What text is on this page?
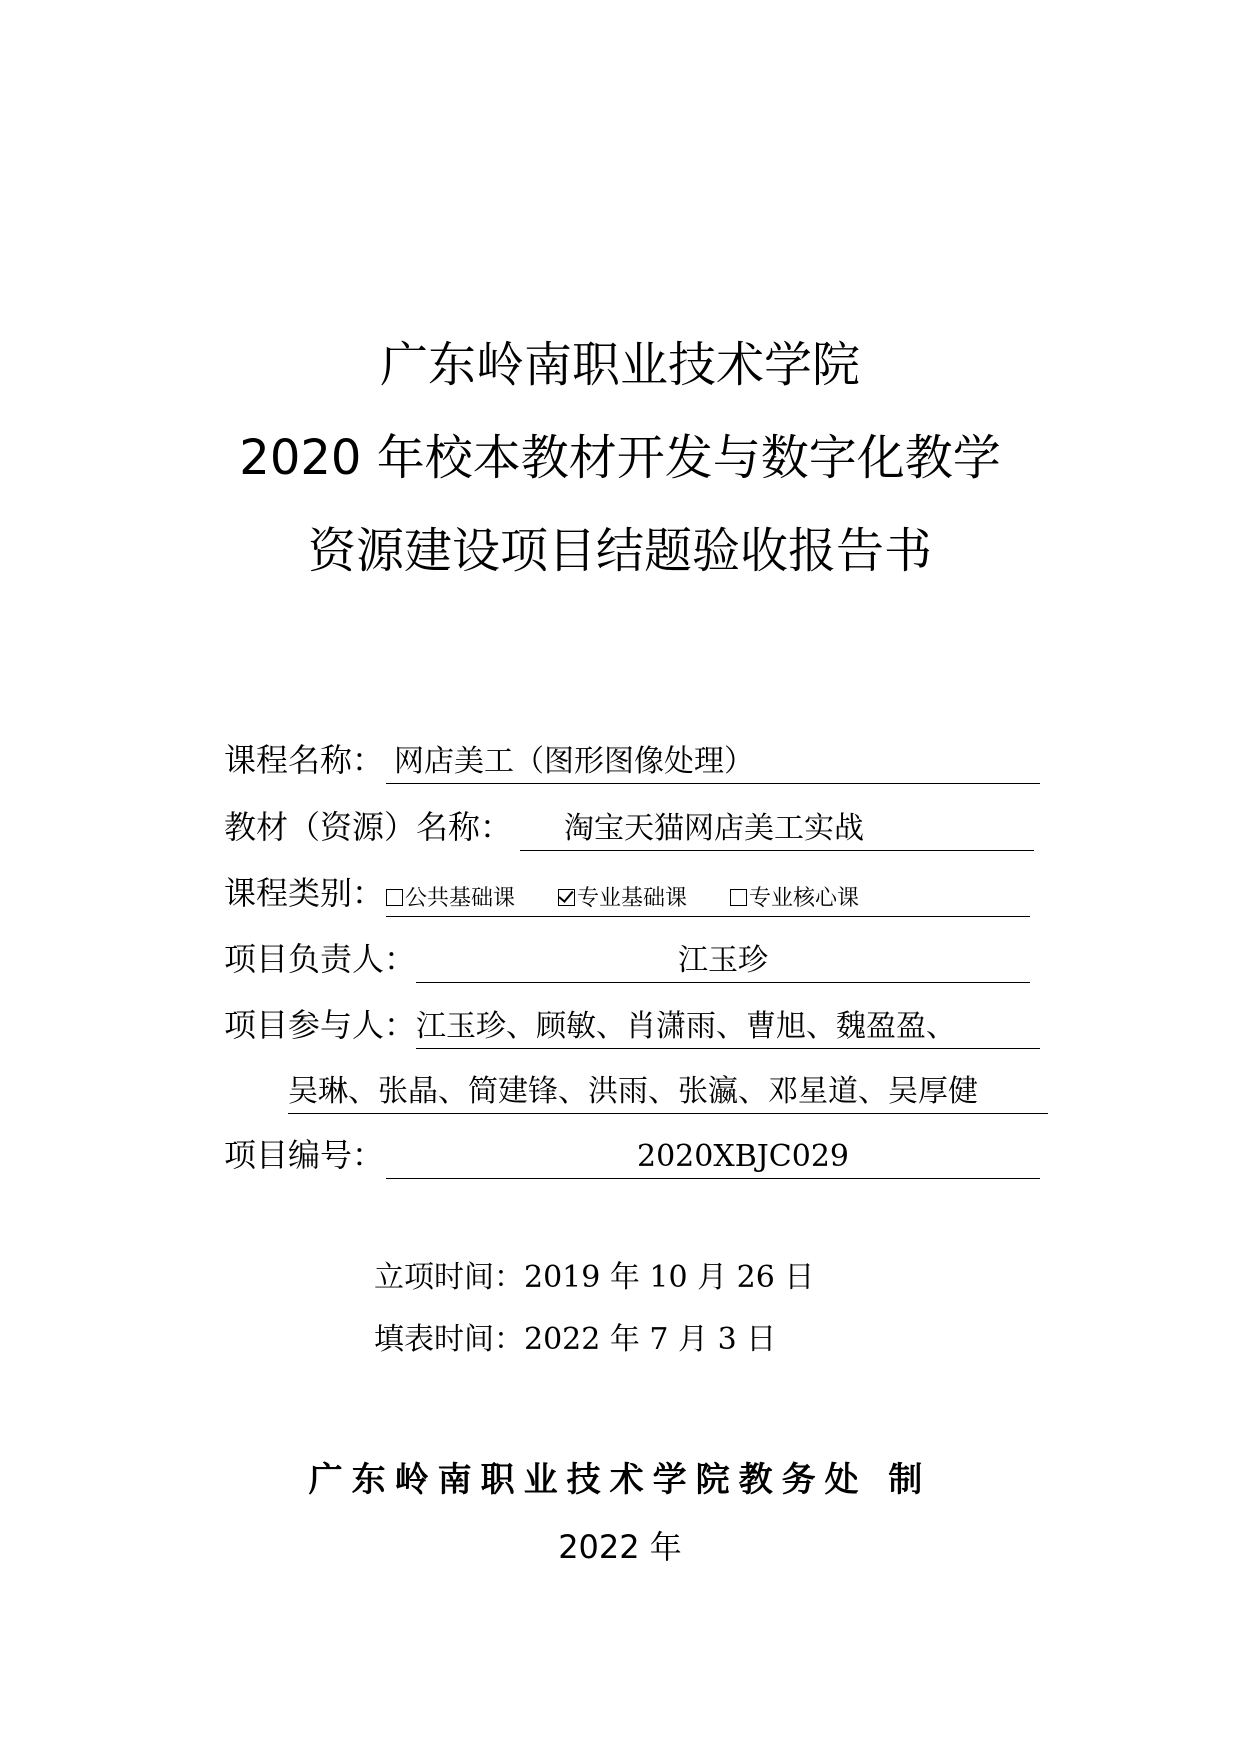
广东岭南职业技术学院
2020 年校本教材开发与数字化教学
资源建设项目结题验收报告书
课程名称： 网店美工（图形图像处理）
教材（资源）名称：	淘宝天猫网店美工实战
课程类别： 公共基础课	专业基础课	专业核心课
项目负责人：	江玉珍
项目参与人： 江玉珍、顾敏、肖潇雨、曹旭、魏盈盈、
吴琳、张晶、简建锋、洪雨、张瀛、邓星道、吴厚健
项目编号：	2020XBJC029
立项时间：2019 年 10 月 26 日
填表时间：2022 年 7 月 3 日
广东岭南职业技术学院教务处 制
2022 年
